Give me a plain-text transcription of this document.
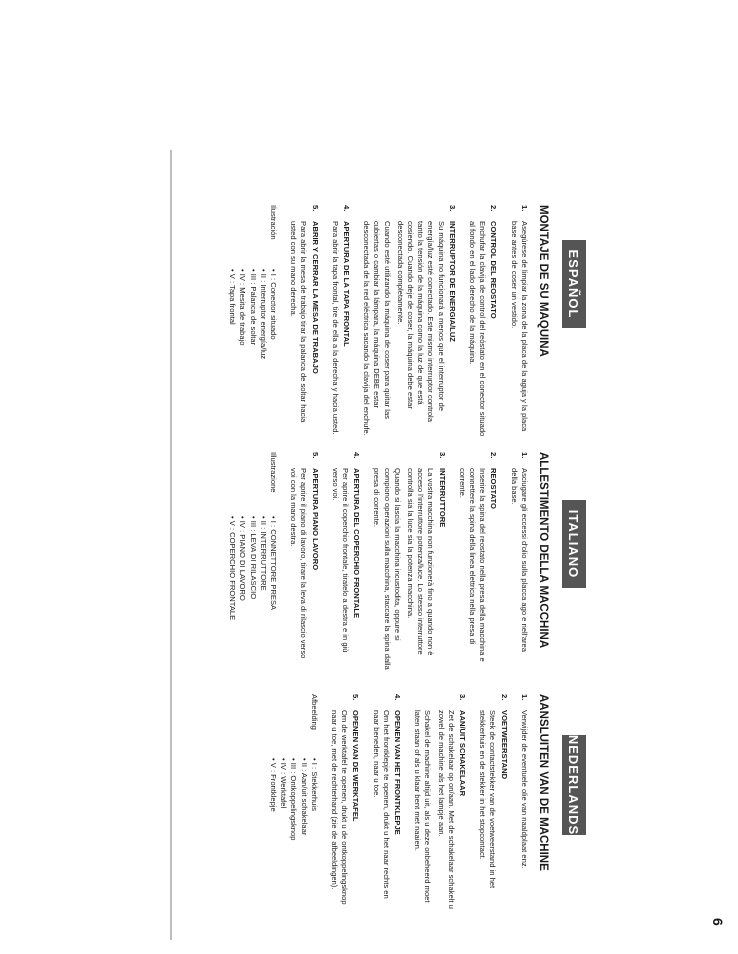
ESPAÑOL
MONTAJE DE SU MAQUINA
1.

Asegúrese de limpiar la zona de la placa de la aguja y la placa base antes de coser un vestido.

2.
CONTROL DEL REOSTATO

Enchufar la clavija de control del reóstato en el conector situado al fondo en el lado derecho de la máquina.

3.
INTERRUPTOR DE ENERGIA/LUZ

Su máquina no funcionará a menos que el interruptor de energía/luz esté conectado. Este mismo interruptor controla tanto la tensión de la máquina como la luz de que está cosiendo. Cuando deje de coser, la máquina debe estar desconectada completamente.

Cuando esté utilizando la máquina de coser para quitar las cubiertas o cambiar la lámpara, la máquina DEBE estar desconectada de la red eléctrica sacando la clavija del enchufe.

4.
APERTURA DE LA TAPA FRONTAL

Para abrir la tapa frontal, tire de ella a la derecha y hacia usted.

5.
ABRIR Y CERRAR LA MESA DE TRABAJO

Para abrir la mesa de trabajo tirar la palanca de soltar hacia usted con su mano derecha.

Ilustración
• I : Conector situado
• II : Interruptor energía/luz
• III : Palanca de soltar
• IV : Mesita de trabajo
• V : Tapa frontal
ITALIANO
ALLESTIMENTO DELLA MACCHINA
1.

Asciugare gli eccessi d'olio sulla placca ago e nell'area della base.

2.
REOSTATO

Inserire la spina del reostato nella presa della macchina e connettere la spina della linea elettrica nella presa di corrente.

3.
INTERRUTTORE

La vostra macchina non funzionerà fino a quando non è acceso l'interruttore potenza/luce. Lo stesso interruttore controlla sia la luce sia la potenza macchina.

Quando si lascia la macchina incustodita, oppure si compiono operazioni sulla macchina, staccare la spina dalla presa di corrente.

4.
APERTURA DEL COPERCHIO FRONTALE

Per aprire il coperchio frontale, tiratelo a destra e in giù verso voi.

5.
APERTURA PIANO LAVORO

Per aprire il piano di lavoro, tirare la leva di rilascio verso voi con la mano destra.

Illustrazione
• I : CONNETTORE PRESA
• II : INTERRUTTORE
• III : LEVA DI RILASCIO
• IV : PIANO DI LAVORO
• V : COPERCHIO FRONTALE
NEDERLANDS
AANSLUITEN VAN DE MACHINE
1.

Verwijder de eventuele olie van naaldplaat enz.

2.
VOETWEERSTAND

Steek de contactstekker van de voetweerstand in het stekkerhuis en de stekker in het stopcontact.

3.
AAN/UIT SCHAKELAAR

Zet de schakelaar op on/aan. Met de schakelaar schakelt u zowel de machine als het lampje aan.

Schakel de machine altijd uit, als u deze onbeheerd moet laten staan of als u klaar bent met naaien.

4.
OPENEN VAN HET FRONTKLEPJE

Om het frontklepje te openen, drukt u het naar rechts en naar beneden, naar u toe.

5.
OPENEN VAN DE WERKTAFEL

Om de werktafel te openen, drukt u de ontkoppelingsknop naar u toe, met de rechterhand (zie de afbeeldingen).

Afbeelding
• I : Stekkerhuis
• II : Aan/uit schakelaar
• III : Ontkoppelingsknop
• IV : Werktafel
• V : Frontklepje
6
